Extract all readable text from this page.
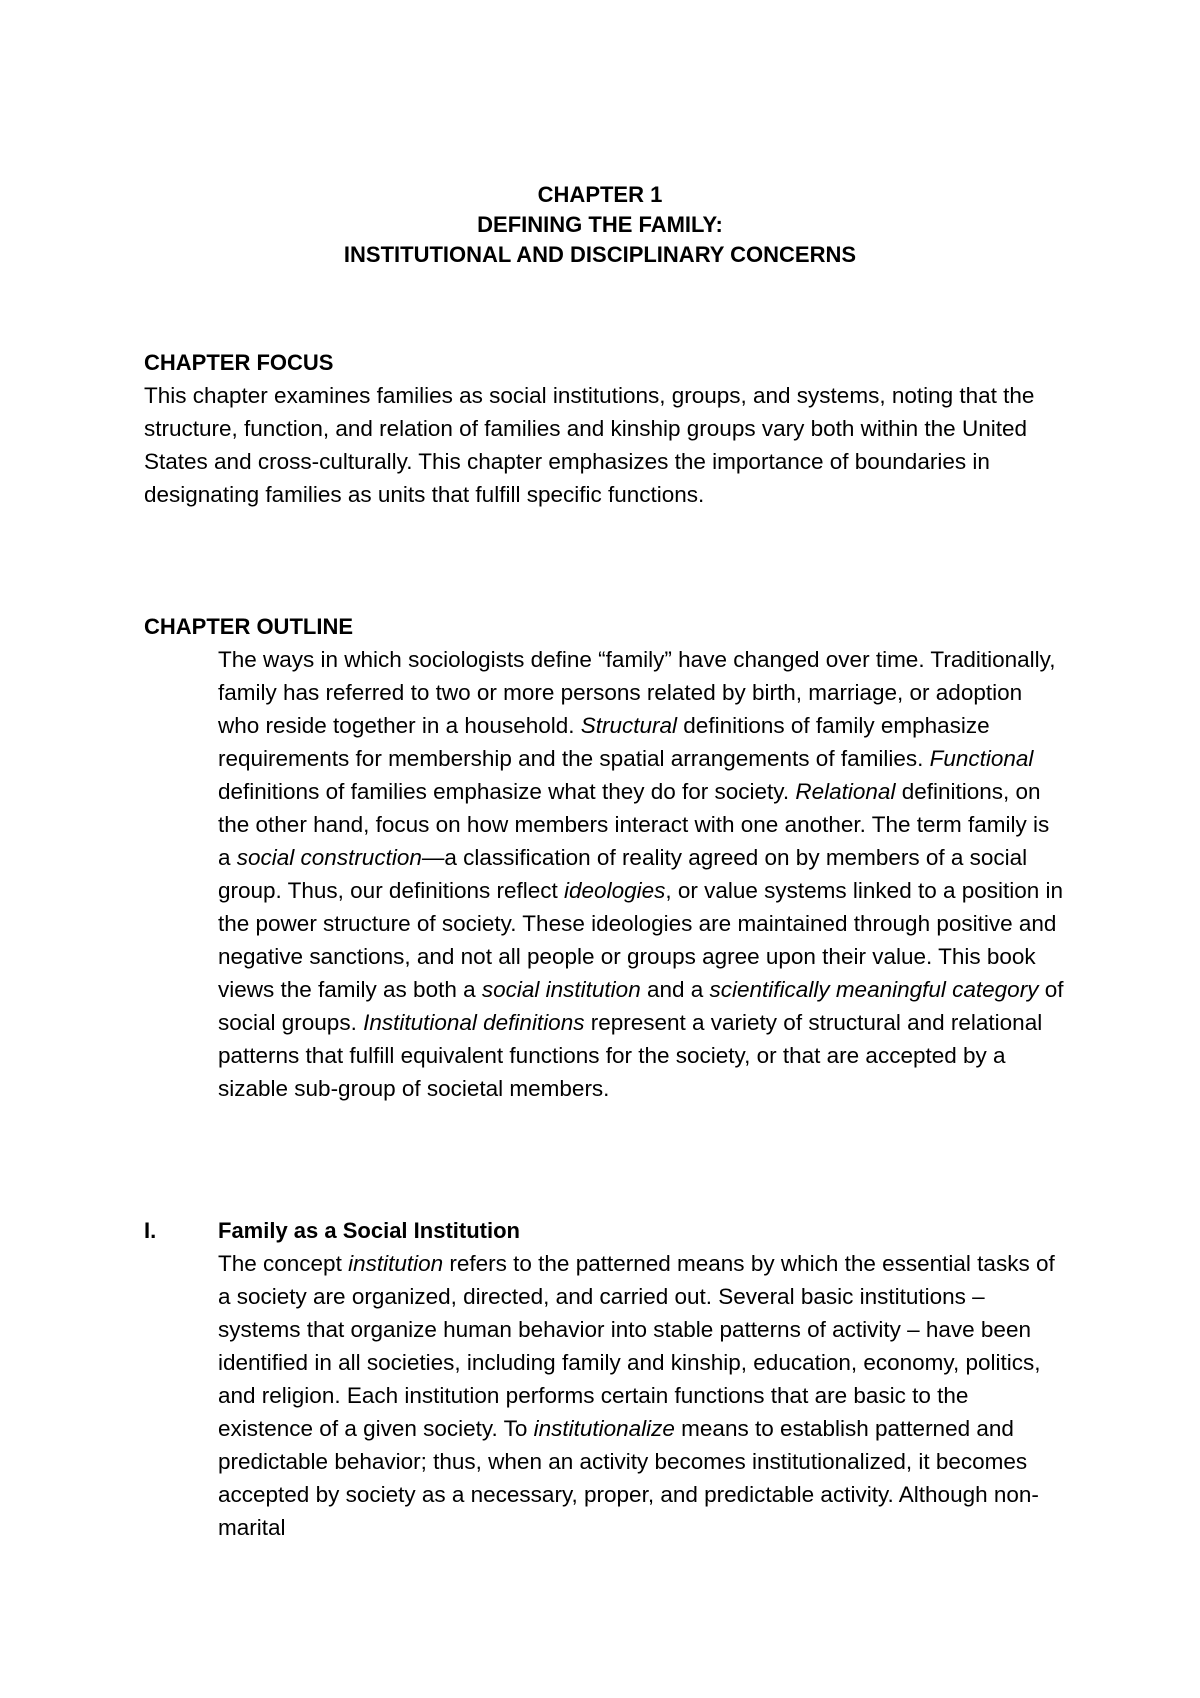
CHAPTER 1
DEFINING THE FAMILY:
INSTITUTIONAL AND DISCIPLINARY CONCERNS
CHAPTER FOCUS

This chapter examines families as social institutions, groups, and systems, noting that the structure, function, and relation of families and kinship groups vary both within the United States and cross-culturally. This chapter emphasizes the importance of boundaries in designating families as units that fulfill specific functions.

CHAPTER OUTLINE

The ways in which sociologists define “family” have changed over time. Traditionally, family has referred to two or more persons related by birth, marriage, or adoption who reside together in a household. Structural definitions of family emphasize requirements for membership and the spatial arrangements of families. Functional definitions of families emphasize what they do for society. Relational definitions, on the other hand, focus on how members interact with one another. The term family is a social construction—a classification of reality agreed on by members of a social group. Thus, our definitions reflect ideologies, or value systems linked to a position in the power structure of society. These ideologies are maintained through positive and negative sanctions, and not all people or groups agree upon their value. This book views the family as both a social institution and a scientifically meaningful category of social groups. Institutional definitions represent a variety of structural and relational patterns that fulfill equivalent functions for the society, or that are accepted by a sizable sub-group of societal members.

I.	Family as a Social Institution

The concept institution refers to the patterned means by which the essential tasks of a society are organized, directed, and carried out. Several basic institutions – systems that organize human behavior into stable patterns of activity – have been identified in all societies, including family and kinship, education, economy, politics, and religion. Each institution performs certain functions that are basic to the existence of a given society. To institutionalize means to establish patterned and predictable behavior; thus, when an activity becomes institutionalized, it becomes accepted by society as a necessary, proper, and predictable activity. Although non-marital
